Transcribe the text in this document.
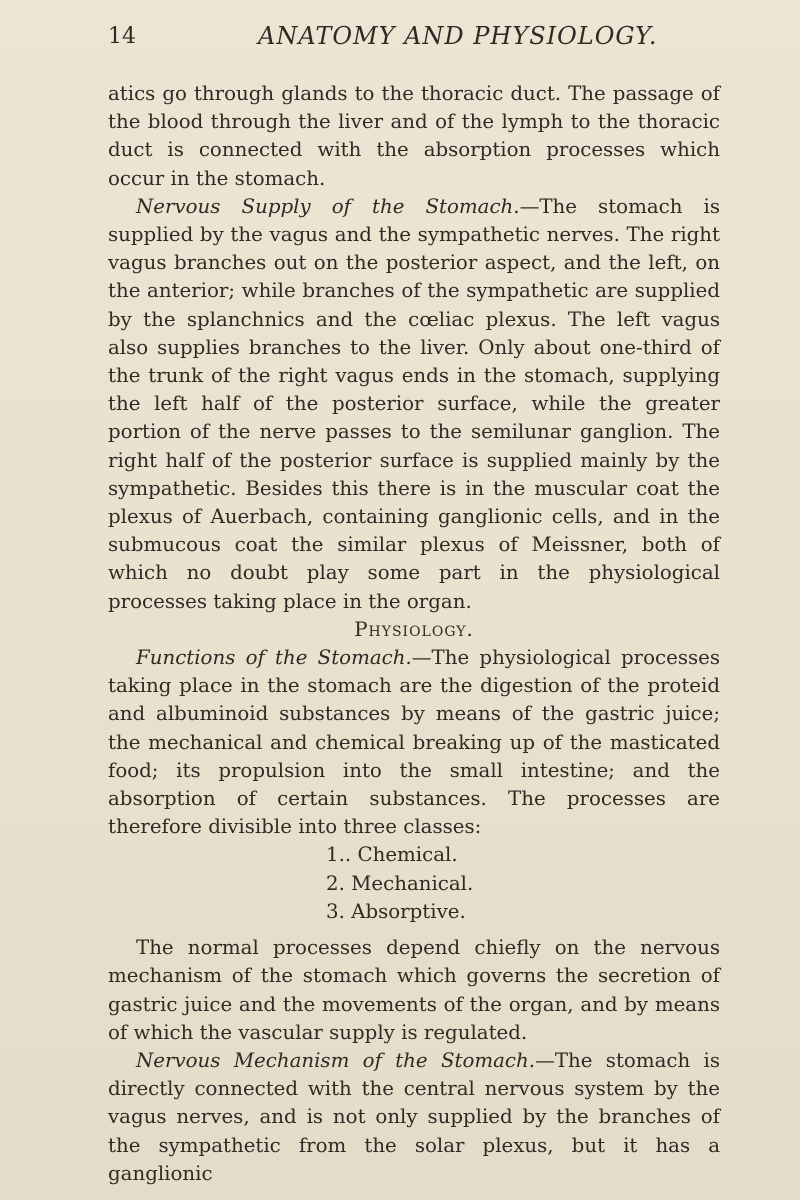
14	ANATOMY AND PHYSIOLOGY.

atics go through glands to the thoracic duct. The passage of the blood through the liver and of the lymph to the thoracic duct is connected with the absorption processes which occur in the stomach.

Nervous Supply of the Stomach.—The stomach is supplied by the vagus and the sympathetic nerves. The right vagus branches out on the posterior aspect, and the left, on the anterior; while branches of the sympathetic are supplied by the splanchnics and the cœliac plexus. The left vagus also supplies branches to the liver. Only about one-third of the trunk of the right vagus ends in the stomach, supplying the left half of the posterior surface, while the greater portion of the nerve passes to the semilunar ganglion. The right half of the posterior surface is supplied mainly by the sympathetic. Besides this there is in the muscular coat the plexus of Auerbach, containing ganglionic cells, and in the submucous coat the similar plexus of Meissner, both of which no doubt play some part in the physiological processes taking place in the organ.

Physiology.

Functions of the Stomach.—The physiological processes taking place in the stomach are the digestion of the proteid and albuminoid substances by means of the gastric juice; the mechanical and chemical breaking up of the masticated food; its propulsion into the small intestine; and the absorption of certain substances. The processes are therefore divisible into three classes:

1.. Chemical.
2. Mechanical.
3. Absorptive.

The normal processes depend chiefly on the nervous mechanism of the stomach which governs the secretion of gastric juice and the movements of the organ, and by means of which the vascular supply is regulated.

Nervous Mechanism of the Stomach.—The stomach is directly connected with the central nervous system by the vagus nerves, and is not only supplied by the branches of the sympathetic from the solar plexus, but it has a ganglionic
